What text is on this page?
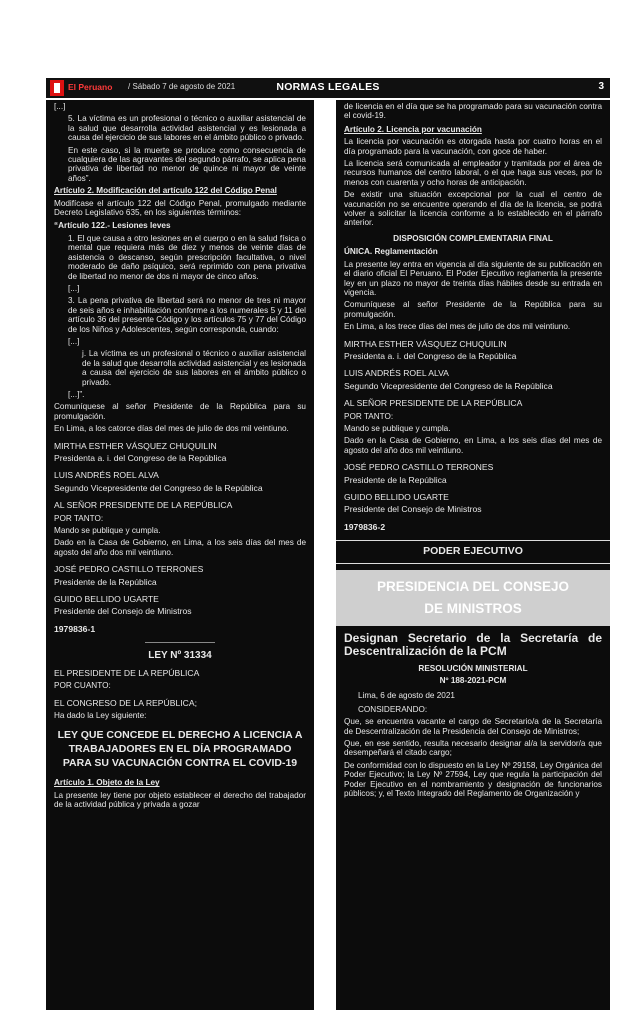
El Peruano / Sábado 7 de agosto de 2021	NORMAS LEGALES	3

[...]

5. La víctima es un profesional o técnico o auxiliar asistencial de la salud que desarrolla actividad asistencial y es lesionada a causa del ejercicio de sus labores en el ámbito público o privado.

En este caso, si la muerte se produce como consecuencia de cualquiera de las agravantes del segundo párrafo, se aplica pena privativa de libertad no menor de quince ni mayor de veinte años”.

Artículo 2. Modificación del artículo 122 del Código Penal

Modifícase el artículo 122 del Código Penal, promulgado mediante Decreto Legislativo 635, en los siguientes términos:

“Artículo 122.- Lesiones leves

1. El que causa a otro lesiones en el cuerpo o en la salud física o mental que requiera más de diez y menos de veinte días de asistencia o descanso, según prescripción facultativa, o nivel moderado de daño psíquico, será reprimido con pena privativa de libertad no menor de dos ni mayor de cinco años.

[...]

3. La pena privativa de libertad será no menor de tres ni mayor de seis años e inhabilitación conforme a los numerales 5 y 11 del artículo 36 del presente Código y los artículos 75 y 77 del Código de los Niños y Adolescentes, según corresponda, cuando:

[...]

j. La víctima es un profesional o técnico o auxiliar asistencial de la salud que desarrolla actividad asistencial y es lesionada a causa del ejercicio de sus labores en el ámbito público o privado.

[...]”.

Comuníquese al señor Presidente de la República para su promulgación.

En Lima, a los catorce días del mes de julio de dos mil veintiuno.

MIRTHA ESTHER VÁSQUEZ CHUQUILIN

Presidenta a. i. del Congreso de la República

LUIS ANDRÉS ROEL ALVA

Segundo Vicepresidente del Congreso de la República

AL SEÑOR PRESIDENTE DE LA REPÚBLICA

POR TANTO:

Mando se publique y cumpla.

Dado en la Casa de Gobierno, en Lima, a los seis días del mes de agosto del año dos mil veintiuno.

JOSÉ PEDRO CASTILLO TERRONES

Presidente de la República

GUIDO BELLIDO UGARTE

Presidente del Consejo de Ministros

1979836-1

LEY Nº 31334

EL PRESIDENTE DE LA REPÚBLICA

POR CUANTO:

EL CONGRESO DE LA REPÚBLICA;

Ha dado la Ley siguiente:

LEY QUE CONCEDE EL DERECHO A LICENCIA A TRABAJADORES EN EL DÍA PROGRAMADO PARA SU VACUNACIÓN CONTRA EL COVID-19

Artículo 1. Objeto de la Ley

La presente ley tiene por objeto establecer el derecho del trabajador de la actividad pública y privada a gozar

de licencia en el día que se ha programado para su vacunación contra el covid-19.

Artículo 2. Licencia por vacunación

La licencia por vacunación es otorgada hasta por cuatro horas en el día programado para la vacunación, con goce de haber.

La licencia será comunicada al empleador y tramitada por el área de recursos humanos del centro laboral, o el que haga sus veces, por lo menos con cuarenta y ocho horas de anticipación.

De existir una situación excepcional por la cual el centro de vacunación no se encuentre operando el día de la licencia, se podrá volver a solicitar la licencia conforme a lo establecido en el párrafo anterior.

DISPOSICIÓN COMPLEMENTARIA FINAL

ÚNICA. Reglamentación

La presente ley entra en vigencia al día siguiente de su publicación en el diario oficial El Peruano. El Poder Ejecutivo reglamenta la presente ley en un plazo no mayor de treinta días hábiles desde su entrada en vigencia.

Comuníquese al señor Presidente de la República para su promulgación.

En Lima, a los trece días del mes de julio de dos mil veintiuno.

MIRTHA ESTHER VÁSQUEZ CHUQUILIN

Presidenta a. i. del Congreso de la República

LUIS ANDRÉS ROEL ALVA

Segundo Vicepresidente del Congreso de la República

AL SEÑOR PRESIDENTE DE LA REPÚBLICA

POR TANTO:

Mando se publique y cumpla.

Dado en la Casa de Gobierno, en Lima, a los seis días del mes de agosto del año dos mil veintiuno.

JOSÉ PEDRO CASTILLO TERRONES

Presidente de la República

GUIDO BELLIDO UGARTE

Presidente del Consejo de Ministros

1979836-2

PODER EJECUTIVO
PRESIDENCIA DEL CONSEJO
DE MINISTROS

Designan Secretario de la Secretaría de Descentralización de la PCM

RESOLUCIÓN MINISTERIAL

Nº 188-2021-PCM

Lima, 6 de agosto de 2021

CONSIDERANDO:

Que, se encuentra vacante el cargo de Secretario/a de la Secretaría de Descentralización de la Presidencia del Consejo de Ministros;

Que, en ese sentido, resulta necesario designar al/a la servidor/a que desempeñará el citado cargo;

De conformidad con lo dispuesto en la Ley Nº 29158, Ley Orgánica del Poder Ejecutivo; la Ley Nº 27594, Ley que regula la participación del Poder Ejecutivo en el nombramiento y designación de funcionarios públicos; y, el Texto Integrado del Reglamento de Organización y
